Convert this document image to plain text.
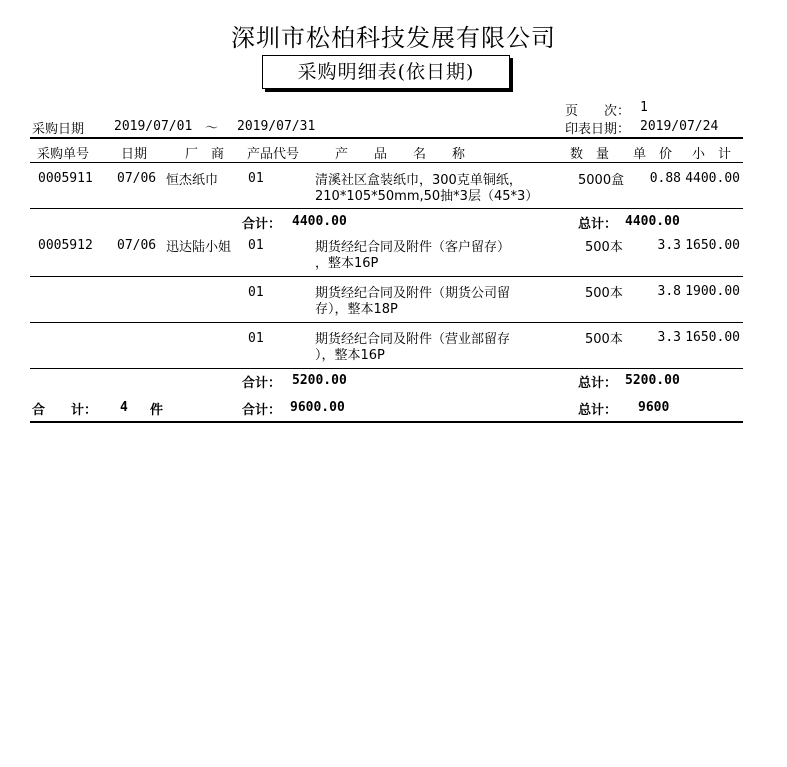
深圳市松柏科技发展有限公司
采购明细表(依日期)
页　　次： 1
采购日期 2019/07/01 ～ 2019/07/31	印表日期： 2019/07/24
采购单号 日期	厂　商 产品代号	产　　品　　名　　称	数　量 单　价 小　计
0005911 07/06 恒杰纸巾 01	清溪社区盒装纸巾，300克单铜纸，
210*105*50mm,50抽*3层（45*3）
5000盒	0.88 4400.00
合计： 4400.00	总计： 4400.00
0005912 07/06 迅达陆小姐 01	期货经纪合同及附件（客户留存）
，整本16P
500本	3.3 1650.00
01	期货经纪合同及附件（期货公司留
存），整本18P
500本	3.8 1900.00
01	期货经纪合同及附件（营业部留存
），整本16P
500本	3.3 1650.00
合计： 5200.00	总计： 5200.00
合　　计： 4 件	合计： 9600.00	总计： 9600
